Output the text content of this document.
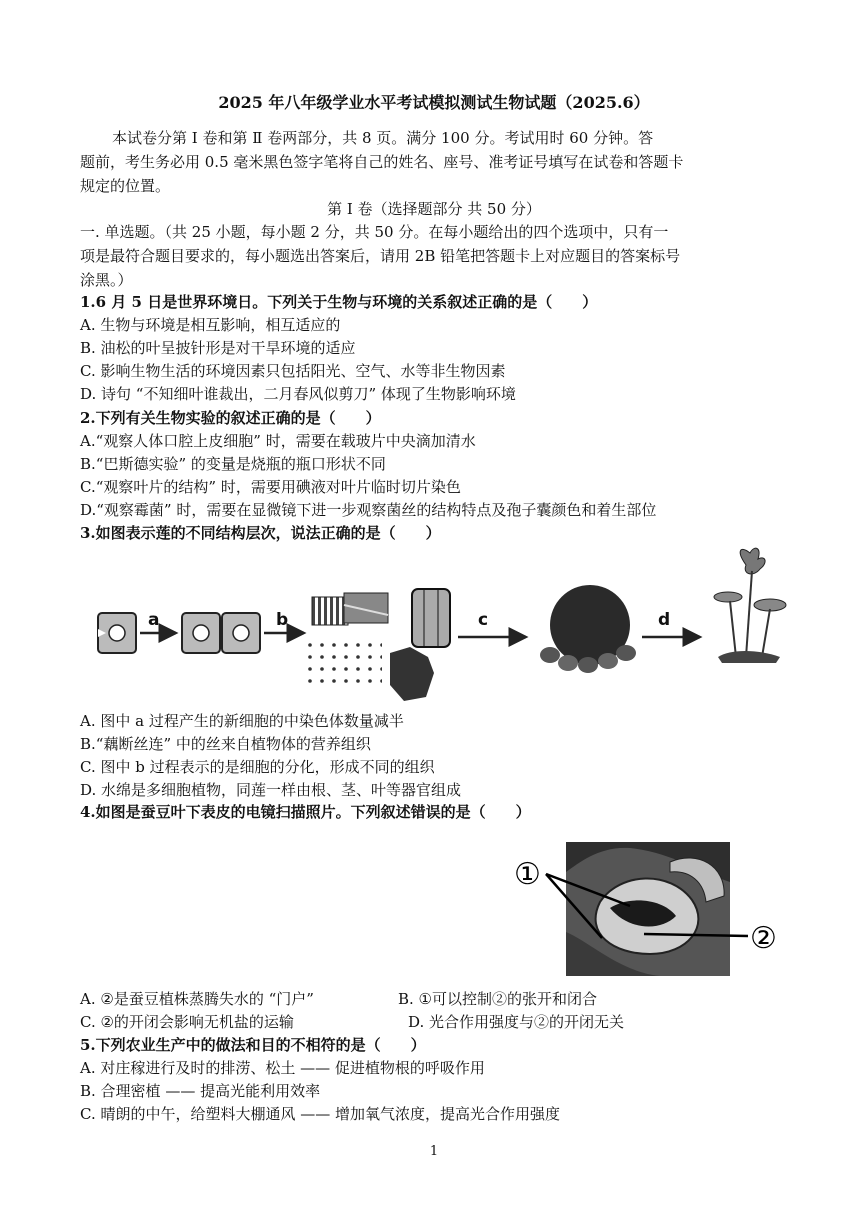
2025 年八年级学业水平考试模拟测试生物试题（2025.6）
本试卷分第 Ⅰ 卷和第 Ⅱ 卷两部分，共 8 页。满分 100 分。考试用时 60 分钟。答
题前，考生务必用 0.5 毫米黑色签字笔将自己的姓名、座号、准考证号填写在试卷和答题卡
规定的位置。
第 Ⅰ 卷（选择题部分 共 50 分）
一. 单选题。（共 25 小题，每小题 2 分，共 50 分。在每小题给出的四个选项中，只有一
项是最符合题目要求的，每小题选出答案后，请用 2B 铅笔把答题卡上对应题目的答案标号
涂黑。）
1.6 月 5 日是世界环境日。下列关于生物与环境的关系叙述正确的是（　　）
A. 生物与环境是相互影响，相互适应的
B. 油松的叶呈披针形是对干旱环境的适应
C. 影响生物生活的环境因素只包括阳光、空气、水等非生物因素
D. 诗句 “不知细叶谁裁出，二月春风似剪刀” 体现了生物影响环境
2.下列有关生物实验的叙述正确的是（　　）
A.“观察人体口腔上皮细胞” 时，需要在载玻片中央滴加清水
B.“巴斯德实验” 的变量是烧瓶的瓶口形状不同
C.“观察叶片的结构” 时，需要用碘液对叶片临时切片染色
D.“观察霉菌” 时，需要在显微镜下进一步观察菌丝的结构特点及孢子囊颜色和着生部位
3.如图表示莲的不同结构层次，说法正确的是（　　）
a	b	c	d
A. 图中 a 过程产生的新细胞的中染色体数量减半
B.“藕断丝连” 中的丝来自植物体的营养组织
C. 图中 b 过程表示的是细胞的分化，形成不同的组织
D. 水绵是多细胞植物，同莲一样由根、茎、叶等器官组成
4.如图是蚕豆叶下表皮的电镜扫描照片。下列叙述错误的是（　　）
①
②
A. ②是蚕豆植株蒸腾失水的 “门户”	B. ①可以控制②的张开和闭合
C. ②的开闭会影响无机盐的运输	D. 光合作用强度与②的开闭无关
5.下列农业生产中的做法和目的不相符的是（　　）
A. 对庄稼进行及时的排涝、松土 —— 促进植物根的呼吸作用
B. 合理密植 —— 提高光能利用效率
C. 晴朗的中午，给塑料大棚通风 —— 增加氧气浓度，提高光合作用强度
1
